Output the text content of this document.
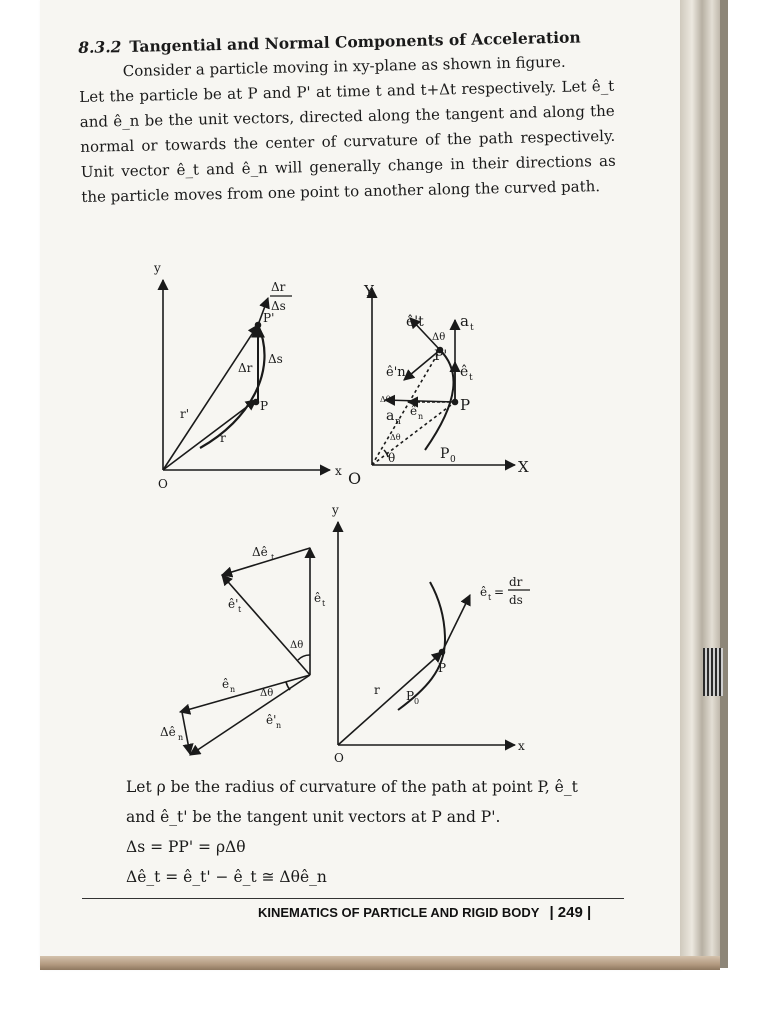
8.3.2 Tangential and Normal Components of Acceleration
Consider a particle moving in xy-plane as shown in figure.
Let the particle be at P and P' at time t and t+Δt respectively. Let ê_t and ê_n be the unit vectors, directed along the tangent and along the normal or towards the center of curvature of the path respectively. Unit vector ê_t and ê_n will generally change in their directions as the particle moves from one point to another along the curved path.
y
x
O
Δr
Δs
P'
P
Δr
Δs
r'
r
Y
X
O
ê't
Δθ
a t
P'
ê'n	ê t
a n
ê n
P
Δθ
Δθ
θ	P 0
Δê t
ê' t
ê t
Δθ
Δθ
ê n
ê' n
Δê n
y
x
O
ê t =
dr
ds
P
r P 0
Let ρ be the radius of curvature of the path at point P, ê_t
and ê_t' be the tangent unit vectors at P and P'.
Δs = PP' = ρΔθ
Δê_t = ê_t' − ê_t ≅ Δθê_n
KINEMATICS OF PARTICLE AND RIGID BODY | 249 |
